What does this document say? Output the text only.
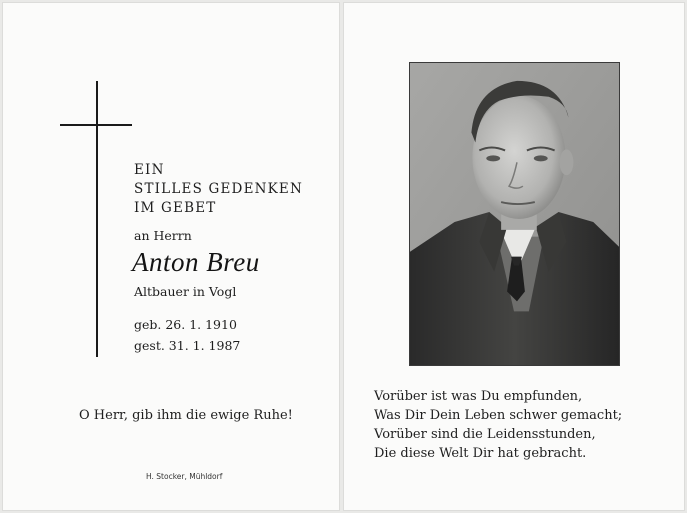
EIN
STILLES GEDENKEN
IM GEBET
an Herrn
Anton Breu
Altbauer in Vogl
geb. 26. 1. 1910
gest. 31. 1. 1987
O Herr, gib ihm die ewige Ruhe!
H. Stocker, Mühldorf
Vorüber ist was Du empfunden,
Was Dir Dein Leben schwer gemacht;
Vorüber sind die Leidensstunden,
Die diese Welt Dir hat gebracht.
